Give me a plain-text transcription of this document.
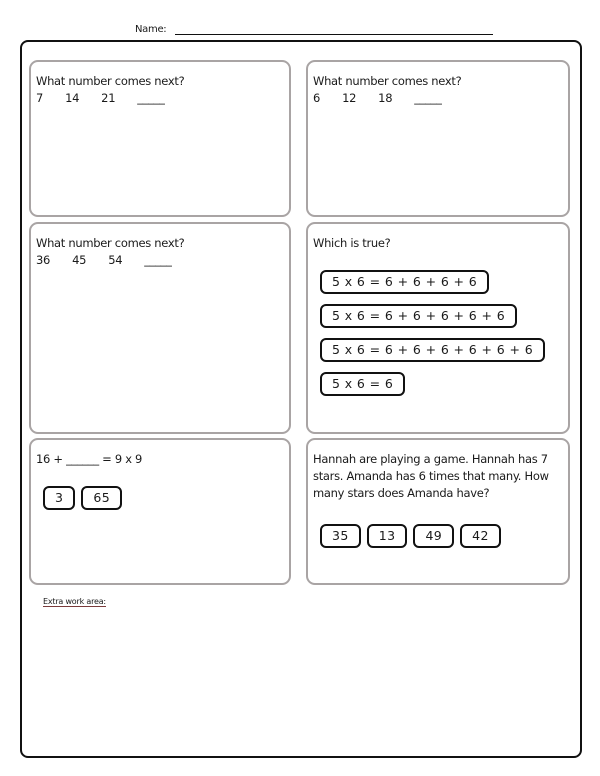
Name:
What number comes next?
7   14   21   _____
What number comes next?
6   12   18   _____
What number comes next?
36   45   54   _____
Which is true?
5 x 6 = 6 + 6 + 6 + 6
5 x 6 = 6 + 6 + 6 + 6 + 6
5 x 6 = 6 + 6 + 6 + 6 + 6 + 6
5 x 6 = 6
16 + ______ = 9 x 9
3	65
Hannah are playing a game. Hannah has 7 stars. Amanda has 6 times that many. How many stars does Amanda have?
35	13	49	42
Extra work area:
